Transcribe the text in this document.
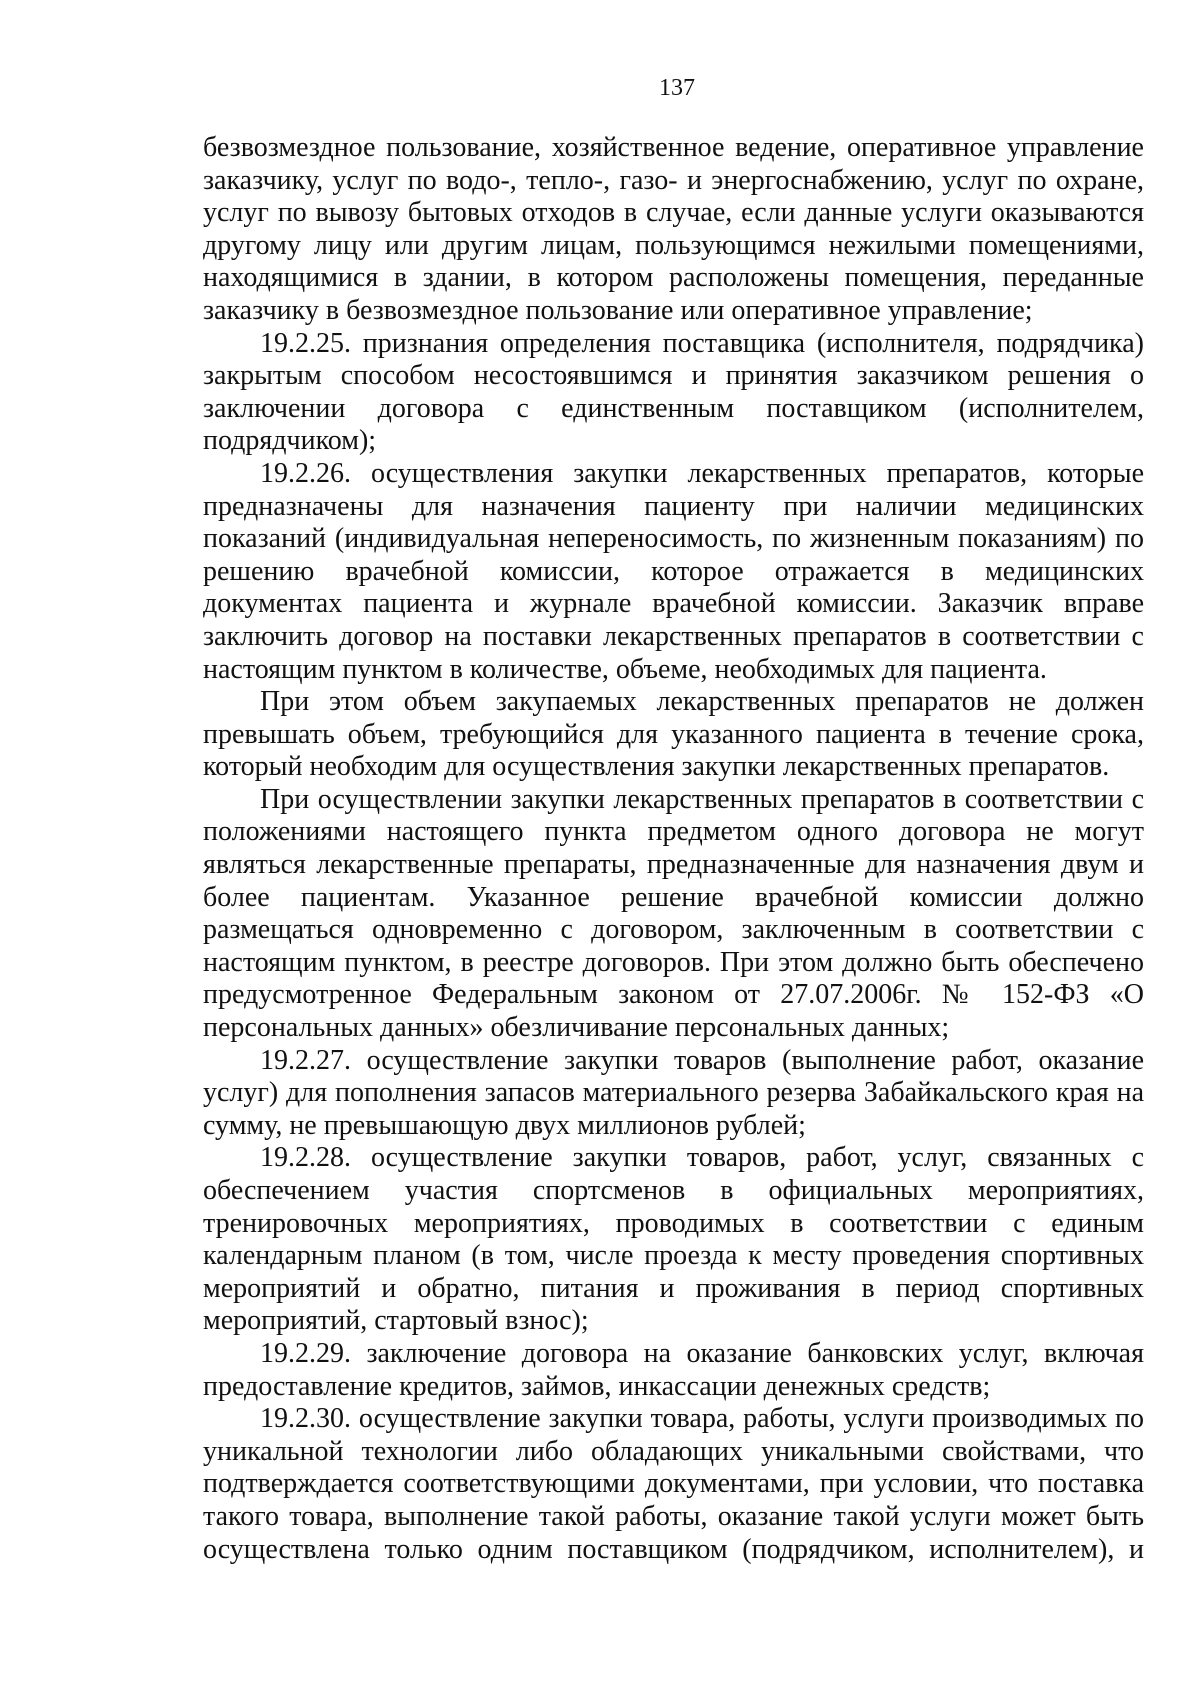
137

безвозмездное пользование, хозяйственное ведение, оперативное управление заказчику, услуг по водо-, тепло-, газо- и энергоснабжению, услуг по охране, услуг по вывозу бытовых отходов в случае, если данные услуги оказываются другому лицу или другим лицам, пользующимся нежилыми помещениями, находящимися в здании, в котором расположены помещения, переданные заказчику в безвозмездное пользование или оперативное управление;

19.2.25. признания определения поставщика (исполнителя, подрядчика) закрытым способом несостоявшимся и принятия заказчиком решения о заключении договора с единственным поставщиком (исполнителем, подрядчиком);

19.2.26. осуществления закупки лекарственных препаратов, которые предназначены для назначения пациенту при наличии медицинских показаний (индивидуальная непереносимость, по жизненным показаниям) по решению врачебной комиссии, которое отражается в медицинских документах пациента и журнале врачебной комиссии. Заказчик вправе заключить договор на поставки лекарственных препаратов в соответствии с настоящим пунктом в количестве, объеме, необходимых для пациента.

При этом объем закупаемых лекарственных препаратов не должен превышать объем, требующийся для указанного пациента в течение срока, который необходим для осуществления закупки лекарственных препаратов.

При осуществлении закупки лекарственных препаратов в соответствии с положениями настоящего пункта предметом одного договора не могут являться лекарственные препараты, предназначенные для назначения двум и более пациентам. Указанное решение врачебной комиссии должно размещаться одновременно с договором, заключенным в соответствии с настоящим пунктом, в реестре договоров. При этом должно быть обеспечено предусмотренное Федеральным законом от 27.07.2006г. № 152-ФЗ «О персональных данных» обезличивание персональных данных;

19.2.27. осуществление закупки товаров (выполнение работ, оказание услуг) для пополнения запасов материального резерва Забайкальского края на сумму, не превышающую двух миллионов рублей;

19.2.28. осуществление закупки товаров, работ, услуг, связанных с обеспечением участия спортсменов в официальных мероприятиях, тренировочных мероприятиях, проводимых в соответствии с единым календарным планом (в том, числе проезда к месту проведения спортивных мероприятий и обратно, питания и проживания в период спортивных мероприятий, стартовый взнос);

19.2.29. заключение договора на оказание банковских услуг, включая предоставление кредитов, займов, инкассации денежных средств;

19.2.30. осуществление закупки товара, работы, услуги производимых по уникальной технологии либо обладающих уникальными свойствами, что подтверждается соответствующими документами, при условии, что поставка такого товара, выполнение такой работы, оказание такой услуги может быть осуществлена только одним поставщиком (подрядчиком, исполнителем), и
